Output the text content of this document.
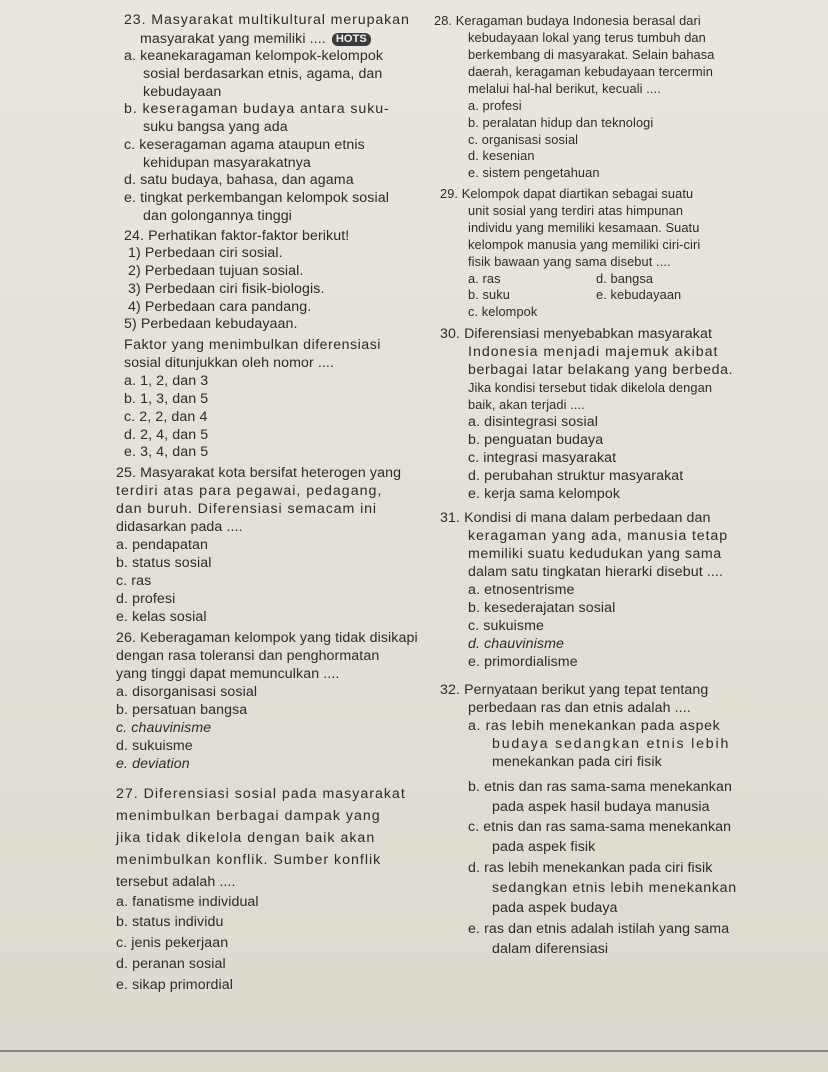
23. Masyarakat multikultural merupakan
masyarakat yang memiliki .... HOTS
a. keanekaragaman kelompok-kelompok
sosial berdasarkan etnis, agama, dan
kebudayaan
b. keseragaman budaya antara suku-
suku bangsa yang ada
c. keseragaman agama ataupun etnis
kehidupan masyarakatnya
d. satu budaya, bahasa, dan agama
e. tingkat perkembangan kelompok sosial
dan golongannya tinggi
24. Perhatikan faktor-faktor berikut!
1) Perbedaan ciri sosial.
2) Perbedaan tujuan sosial.
3) Perbedaan ciri fisik-biologis.
4) Perbedaan cara pandang.
5) Perbedaan kebudayaan.
Faktor yang menimbulkan diferensiasi
sosial ditunjukkan oleh nomor ....
a. 1, 2, dan 3
b. 1, 3, dan 5
c. 2, 2, dan 4
d. 2, 4, dan 5
e. 3, 4, dan 5
25. Masyarakat kota bersifat heterogen yang
terdiri atas para pegawai, pedagang,
dan buruh. Diferensiasi semacam ini
didasarkan pada ....
a. pendapatan
b. status sosial
c. ras
d. profesi
e. kelas sosial
26. Keberagaman kelompok yang tidak disikapi
dengan rasa toleransi dan penghormatan
yang tinggi dapat memunculkan ....
a. disorganisasi sosial
b. persatuan bangsa
c. chauvinisme
d. sukuisme
e. deviation
27. Diferensiasi sosial pada masyarakat
menimbulkan berbagai dampak yang
jika tidak dikelola dengan baik akan
menimbulkan konflik. Sumber konflik
tersebut adalah ....
a. fanatisme individual
b. status individu
c. jenis pekerjaan
d. peranan sosial
e. sikap primordial
28. Keragaman budaya Indonesia berasal dari
kebudayaan lokal yang terus tumbuh dan
berkembang di masyarakat. Selain bahasa
daerah, keragaman kebudayaan tercermin
melalui hal-hal berikut, kecuali ....
a. profesi
b. peralatan hidup dan teknologi
c. organisasi sosial
d. kesenian
e. sistem pengetahuan
29. Kelompok dapat diartikan sebagai suatu
unit sosial yang terdiri atas himpunan
individu yang memiliki kesamaan. Suatu
kelompok manusia yang memiliki ciri-ciri
fisik bawaan yang sama disebut ....
a. ras	d. bangsa
b. suku	e. kebudayaan
c. kelompok
30. Diferensiasi menyebabkan masyarakat
Indonesia menjadi majemuk akibat
berbagai latar belakang yang berbeda.
Jika kondisi tersebut tidak dikelola dengan
baik, akan terjadi ....
a. disintegrasi sosial
b. penguatan budaya
c. integrasi masyarakat
d. perubahan struktur masyarakat
e. kerja sama kelompok
31. Kondisi di mana dalam perbedaan dan
keragaman yang ada, manusia tetap
memiliki suatu kedudukan yang sama
dalam satu tingkatan hierarki disebut ....
a. etnosentrisme
b. kesederajatan sosial
c. sukuisme
d. chauvinisme
e. primordialisme
32. Pernyataan berikut yang tepat tentang
perbedaan ras dan etnis adalah ....
a. ras lebih menekankan pada aspek
budaya sedangkan etnis lebih
menekankan pada ciri fisik
b. etnis dan ras sama-sama menekankan
pada aspek hasil budaya manusia
c. etnis dan ras sama-sama menekankan
pada aspek fisik
d. ras lebih menekankan pada ciri fisik
sedangkan etnis lebih menekankan
pada aspek budaya
e. ras dan etnis adalah istilah yang sama
dalam diferensiasi
